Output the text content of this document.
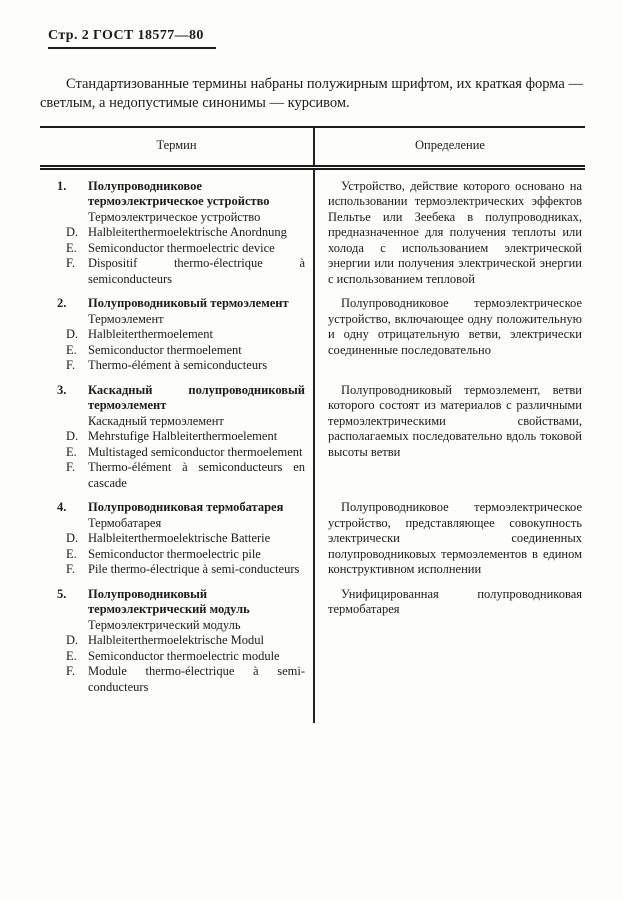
Стр. 2 ГОСТ 18577—80

Стандартизованные термины набраны полужирным шрифтом, их краткая форма — светлым, а недопустимые синонимы — курсивом.

Термин	Определение
1. Полупроводниковое термоэлектрическое устройство
Термоэлектрическое устройство
D. Halbleiterthermoelektrische Anordnung
E. Semiconductor thermoelectric device
F. Dispositif thermo-électrique à semiconducteurs

Устройство, действие которого основано на использовании термоэлектрических эффектов Пельтье или Зеебека в полупроводниках, предназначенное для получения теплоты или холода с использованием электрической энергии или получения электрической энергии с использованием тепловой

2. Полупроводниковый термоэлемент
Термоэлемент
D. Halbleiterthermoelement
E. Semiconductor thermoelement
F. Thermo-élément à semiconducteurs

Полупроводниковое термоэлектрическое устройство, включающее одну положительную и одну отрицательную ветви, электрически соединенные последовательно

3. Каскадный полупроводниковый термоэлемент
Каскадный термоэлемент
D. Mehrstufige Halbleiterthermoelement
E. Multistaged semiconductor thermoelement
F. Thermo-élément à semiconducteurs en cascade

Полупроводниковый термоэлемент, ветви которого состоят из материалов с различными термоэлектрическими свойствами, располагаемых последовательно вдоль токовой высоты ветви

4. Полупроводниковая термобатарея
Термобатарея
D. Halbleiterthermoelektrische Batterie
E. Semiconductor thermoelectric pile
F. Pile thermo-électrique à semi-conducteurs

Полупроводниковое термоэлектрическое устройство, представляющее совокупность электрически соединенных полупроводниковых термоэлементов в едином конструктивном исполнении

5. Полупроводниковый термоэлектрический модуль
Термоэлектрический модуль
D. Halbleiterthermoelektrische Modul
E. Semiconductor thermoelectric module
F. Module thermo-électrique à semi-conducteurs

Унифицированная полупроводниковая термобатарея
